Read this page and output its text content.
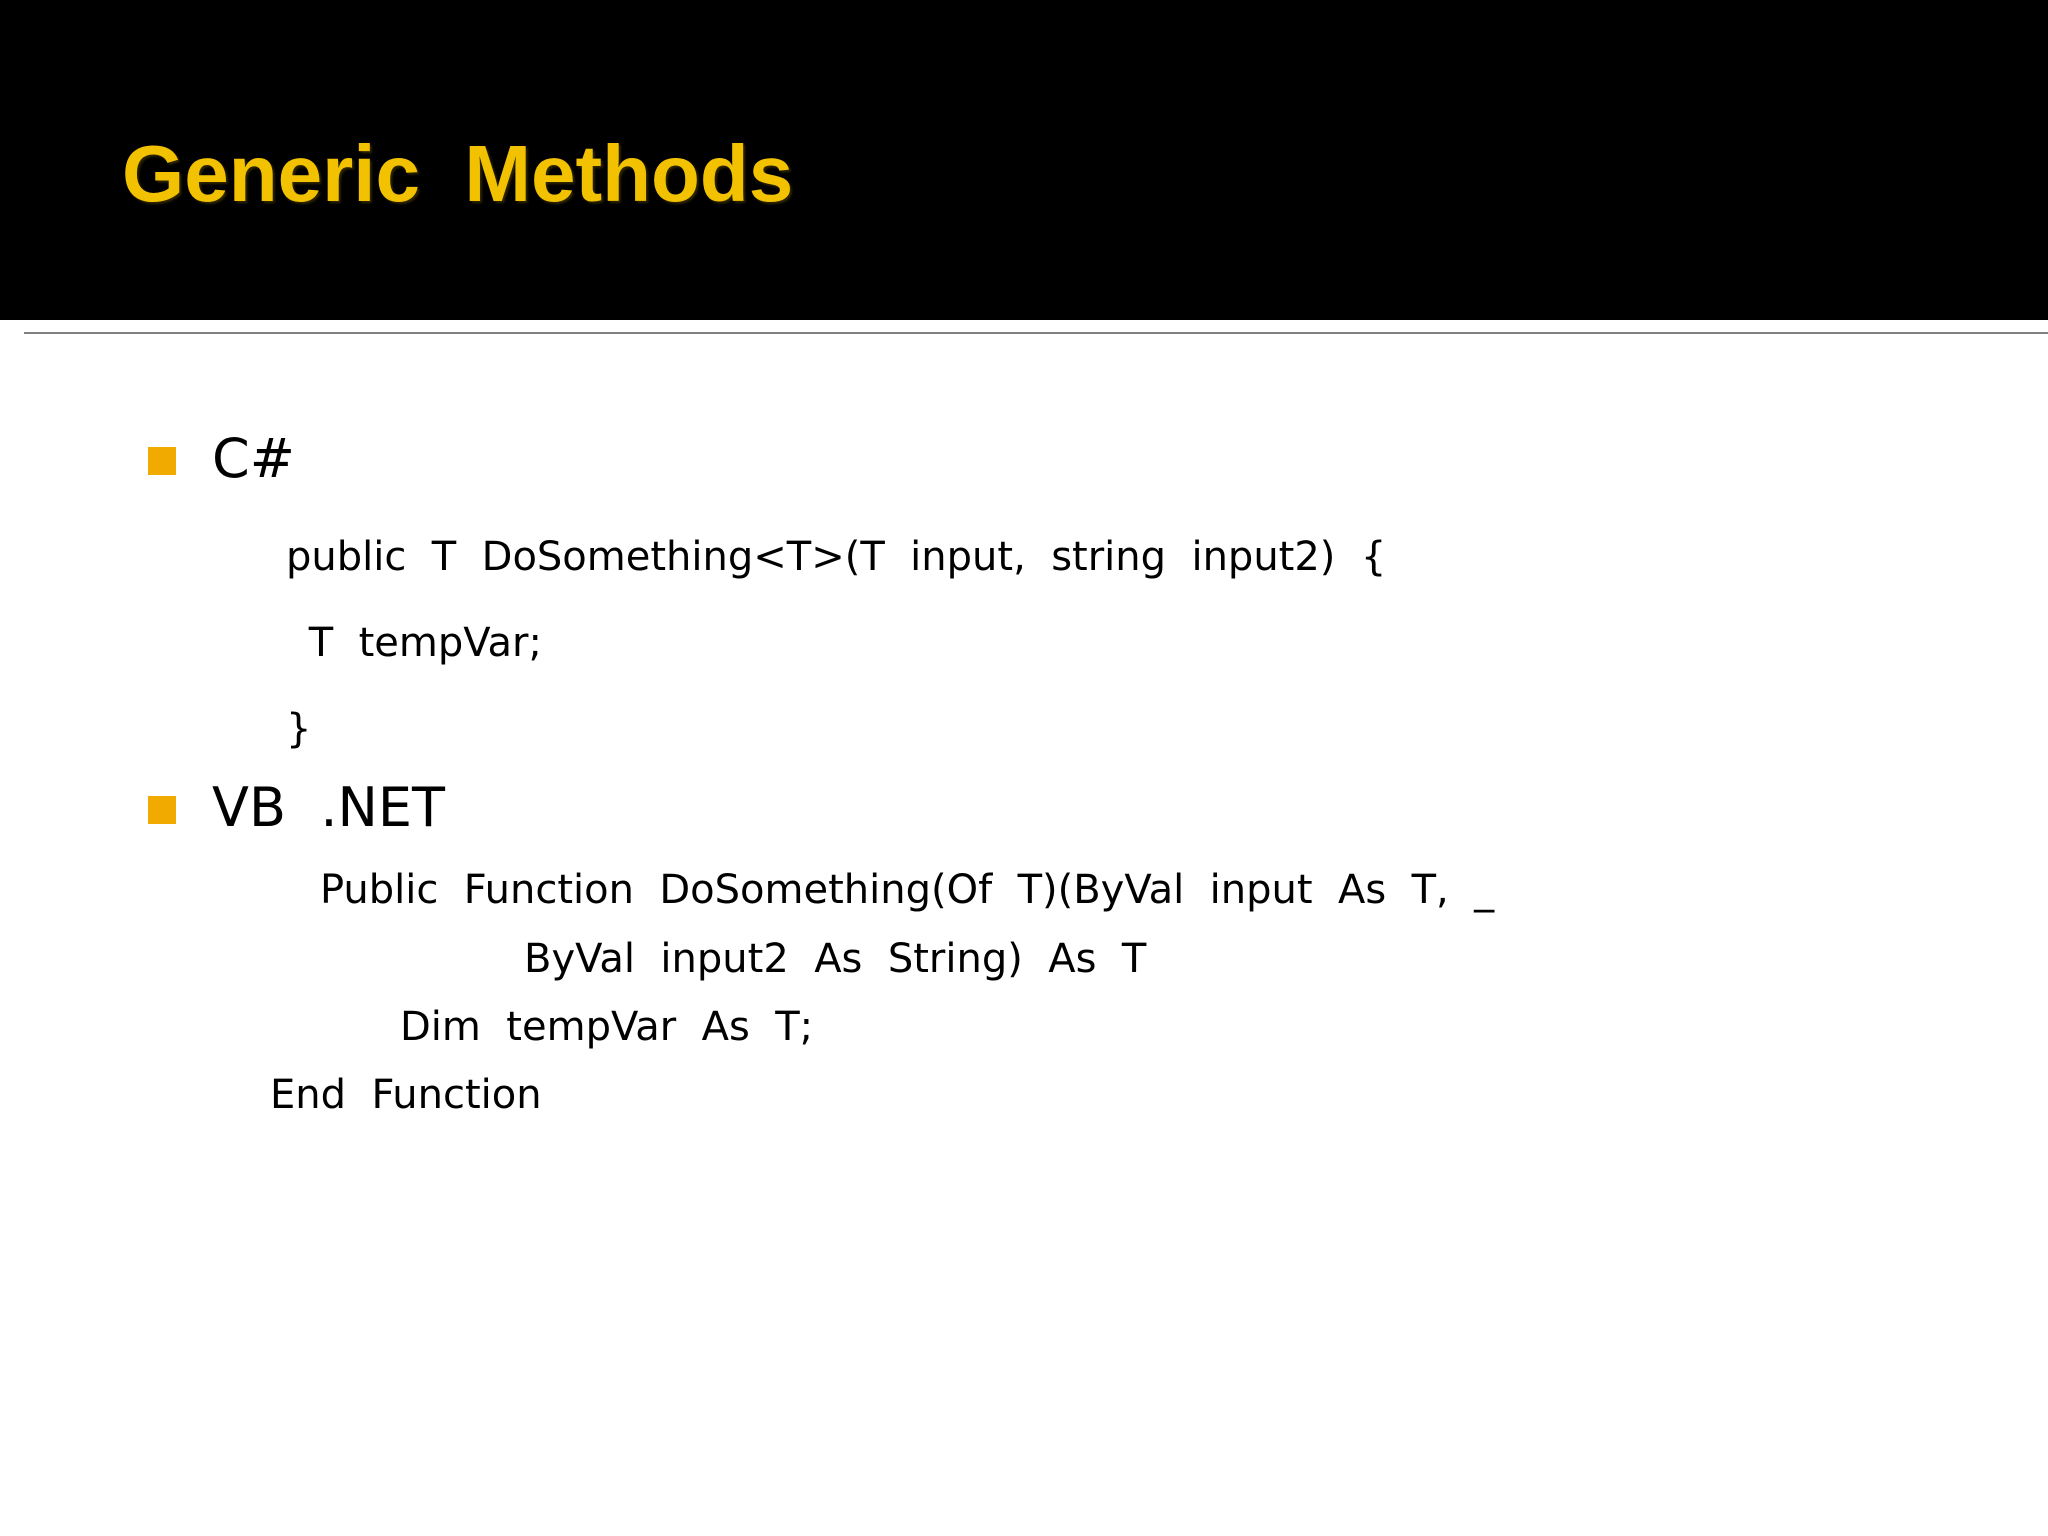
Generic  Methods
C#
public  T  DoSomething<T>(T  input,  string  input2)  {
T  tempVar;
}
VB  .NET
Public  Function  DoSomething(Of  T)(ByVal  input  As  T,  _
ByVal  input2  As  String)  As  T
Dim  tempVar  As  T;
End  Function
